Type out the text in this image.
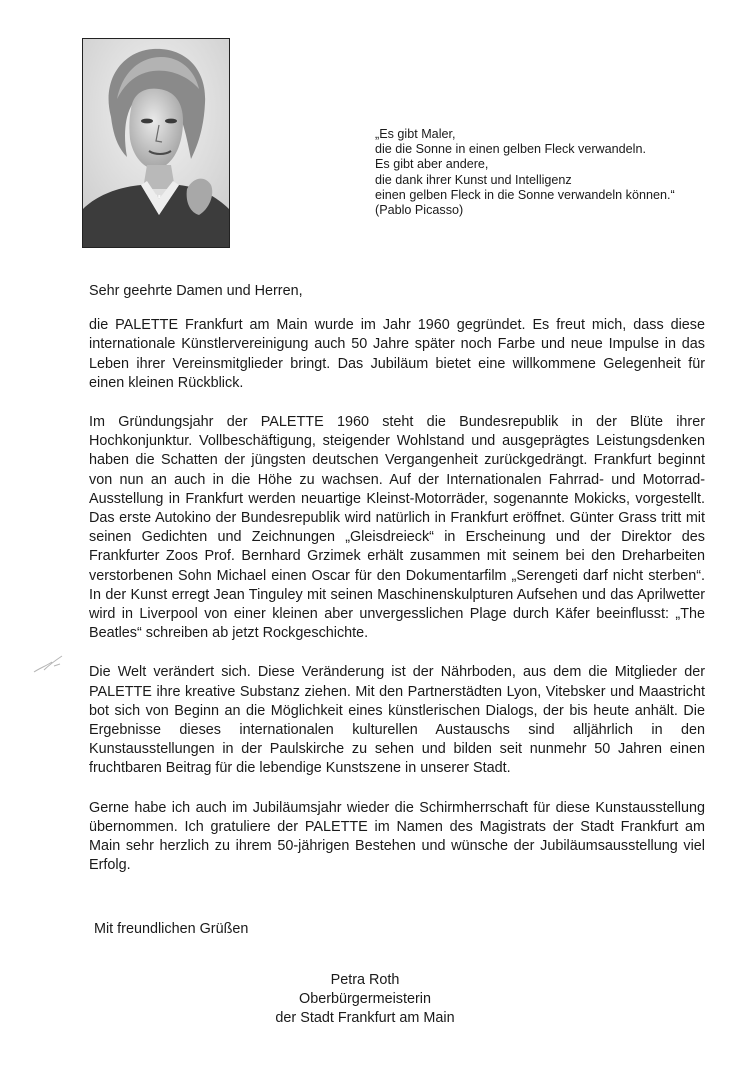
„Es gibt Maler,
die die Sonne in einen gelben Fleck verwandeln.
Es gibt aber andere,
die dank ihrer Kunst und Intelligenz
einen gelben Fleck in die Sonne verwandeln können.“
(Pablo Picasso)

Sehr geehrte Damen und Herren,

die PALETTE Frankfurt am Main wurde im Jahr 1960 gegründet. Es freut mich, dass diese internationale Künstlervereinigung auch 50 Jahre später noch Farbe und neue Impulse in das Leben ihrer Vereinsmitglieder bringt. Das Jubiläum bietet eine willkommene Gelegenheit für einen kleinen Rückblick.

Im Gründungsjahr der PALETTE 1960 steht die Bundesrepublik in der Blüte ihrer Hochkonjunktur. Vollbeschäftigung, steigender Wohlstand und ausgeprägtes Leistungsdenken haben die Schatten der jüngsten deutschen Vergangenheit zurückgedrängt. Frankfurt beginnt von nun an auch in die Höhe zu wachsen. Auf der Internationalen Fahrrad- und Motorrad-Ausstellung in Frankfurt werden neuartige Kleinst-Motorräder, sogenannte Mokicks, vorgestellt. Das erste Autokino der Bundesrepublik wird natürlich in Frankfurt eröffnet. Günter Grass tritt mit seinen Gedichten und Zeichnungen „Gleisdreieck“ in Erscheinung und der Direktor des Frankfurter Zoos Prof. Bernhard Grzimek erhält zusammen mit seinem bei den Dreharbeiten verstorbenen Sohn Michael einen Oscar für den Dokumentarfilm „Serengeti darf nicht sterben“. In der Kunst erregt Jean Tinguley mit seinen Maschinenskulpturen Aufsehen und das Aprilwetter wird in Liverpool von einer kleinen aber unvergesslichen Plage durch Käfer beeinflusst: „The Beatles“ schreiben ab jetzt Rockgeschichte.

Die Welt verändert sich. Diese Veränderung ist der Nährboden, aus dem die Mitglieder der PALETTE ihre kreative Substanz ziehen. Mit den Partnerstädten Lyon, Vitebsker und Maastricht bot sich von Beginn an die Möglichkeit eines künstlerischen Dialogs, der bis heute anhält. Die Ergebnisse dieses internationalen kulturellen Austauschs sind alljährlich in den Kunstausstellungen in der Paulskirche zu sehen und bilden seit nunmehr 50 Jahren einen fruchtbaren Beitrag für die lebendige Kunstszene in unserer Stadt.

Gerne habe ich auch im Jubiläumsjahr wieder die Schirmherrschaft für diese Kunstausstellung übernommen. Ich gratuliere der PALETTE im Namen des Magistrats der Stadt Frankfurt am Main sehr herzlich zu ihrem 50-jährigen Bestehen und wünsche der Jubiläumsausstellung viel Erfolg.

Mit freundlichen Grüßen
Petra Roth
Oberbürgermeisterin
der Stadt Frankfurt am Main
